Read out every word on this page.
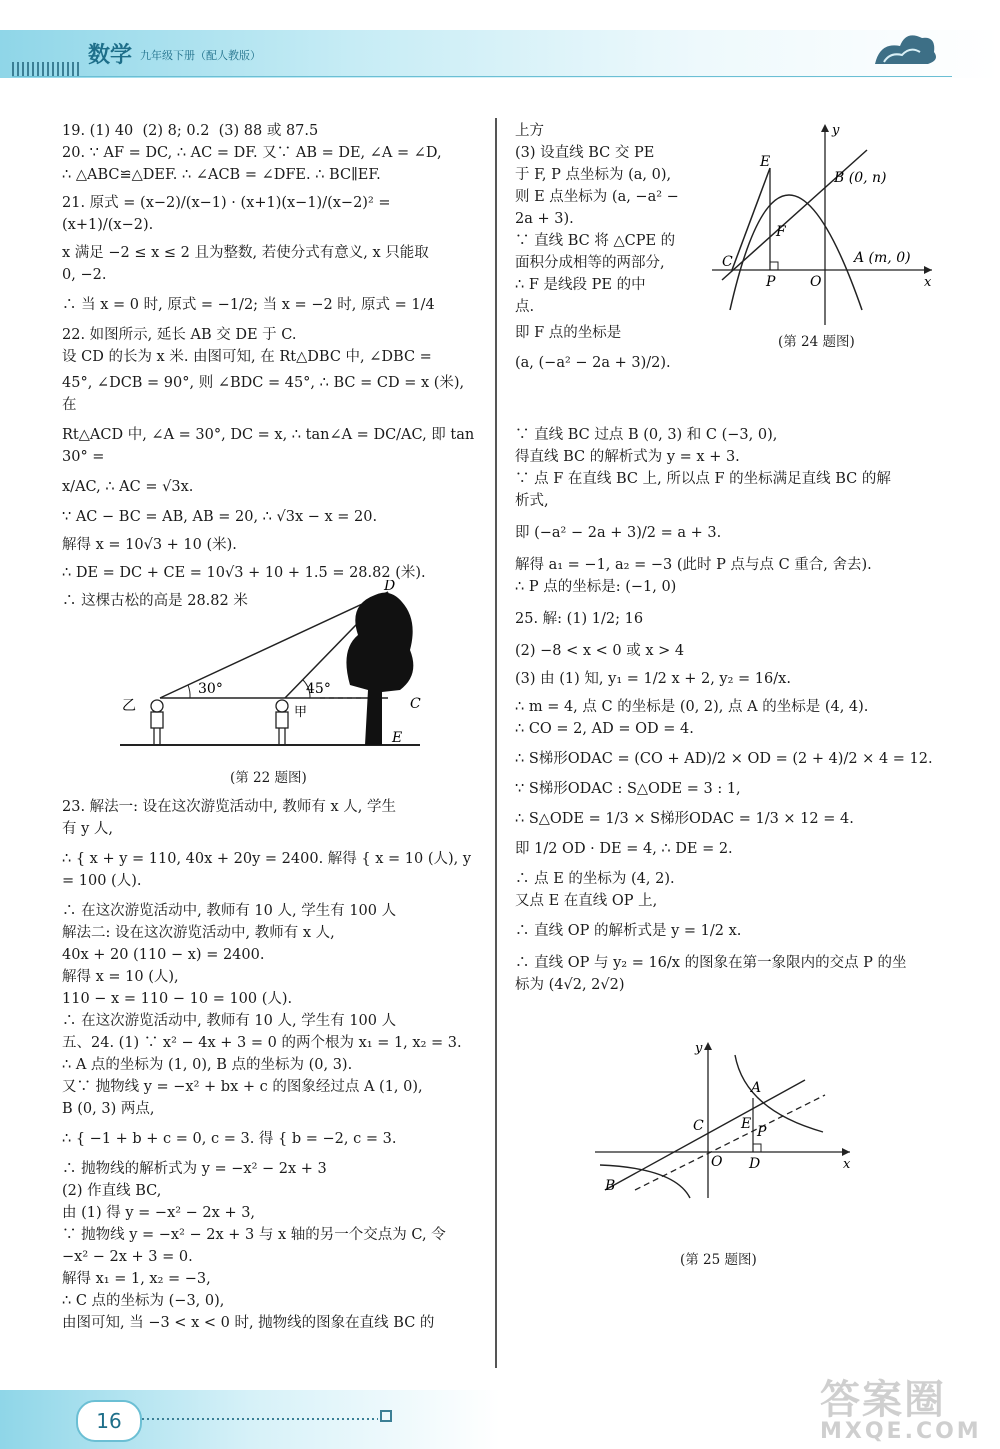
数学 九年级下册（配人教版）

19. (1) 40  (2) 8; 0.2  (3) 88 或 87.5

20. ∵ AF = DC, ∴ AC = DF. 又∵ AB = DE, ∠A = ∠D,

∴ △ABC≌△DEF. ∴ ∠ACB = ∠DFE. ∴ BC∥EF.

21. 原式 = (x−2)/(x−1) · (x+1)(x−1)/(x−2)² = (x+1)/(x−2).

x 满足 −2 ≤ x ≤ 2 且为整数, 若使分式有意义, x 只能取

0, −2.

∴ 当 x = 0 时, 原式 = −1/2; 当 x = −2 时, 原式 = 1/4

22. 如图所示, 延长 AB 交 DE 于 C.

设 CD 的长为 x 米. 由图可知, 在 Rt△DBC 中, ∠DBC =

45°, ∠DCB = 90°, 则 ∠BDC = 45°, ∴ BC = CD = x (米), 在

Rt△ACD 中, ∠A = 30°, DC = x, ∴ tan∠A = DC/AC, 即 tan 30° =

x/AC, ∴ AC = √3x.

∵ AC − BC = AB, AB = 20, ∴ √3x − x = 20.

解得 x = 10√3 + 10 (米).

∴ DE = DC + CE = 10√3 + 10 + 1.5 = 28.82 (米).

∴ 这棵古松的高是 28.82 米

30°	45°
乙	甲
D
C
E
(第 22 题图)

23. 解法一: 设在这次游览活动中, 教师有 x 人, 学生

有 y 人,

∴ { x + y = 110, 40x + 20y = 2400. 解得 { x = 10 (人), y = 100 (人).

∴ 在这次游览活动中, 教师有 10 人, 学生有 100 人

解法二: 设在这次游览活动中, 教师有 x 人,

40x + 20 (110 − x) = 2400.

解得 x = 10 (人),

110 − x = 110 − 10 = 100 (人).

∴ 在这次游览活动中, 教师有 10 人, 学生有 100 人

五、24. (1) ∵ x² − 4x + 3 = 0 的两个根为 x₁ = 1, x₂ = 3.

∴ A 点的坐标为 (1, 0), B 点的坐标为 (0, 3).

又∵ 抛物线 y = −x² + bx + c 的图象经过点 A (1, 0),

B (0, 3) 两点,

∴ { −1 + b + c = 0, c = 3. 得 { b = −2, c = 3.

∴ 抛物线的解析式为 y = −x² − 2x + 3

(2) 作直线 BC,

由 (1) 得 y = −x² − 2x + 3,

∵ 抛物线 y = −x² − 2x + 3 与 x 轴的另一个交点为 C, 令

−x² − 2x + 3 = 0.

解得 x₁ = 1, x₂ = −3,

∴ C 点的坐标为 (−3, 0),

由图可知, 当 −3 < x < 0 时, 抛物线的图象在直线 BC 的

上方

(3) 设直线 BC 交 PE

于 F, P 点坐标为 (a, 0),

则 E 点坐标为 (a, −a² −

2a + 3).

∵ 直线 BC 将 △CPE 的

面积分成相等的两部分,

∴ F 是线段 PE 的中

点.

即 F 点的坐标是

(a, (−a² − 2a + 3)/2).

y
x
E
B (0, n)
F
C
P O
A (m, 0)
(第 24 题图)

∵ 直线 BC 过点 B (0, 3) 和 C (−3, 0),

得直线 BC 的解析式为 y = x + 3.

∵ 点 F 在直线 BC 上, 所以点 F 的坐标满足直线 BC 的解

析式,

即 (−a² − 2a + 3)/2 = a + 3.

解得 a₁ = −1, a₂ = −3 (此时 P 点与点 C 重合, 舍去).

∴ P 点的坐标是: (−1, 0)

25. 解: (1) 1/2; 16

(2) −8 < x < 0 或 x > 4

(3) 由 (1) 知, y₁ = 1/2 x + 2, y₂ = 16/x.

∴ m = 4, 点 C 的坐标是 (0, 2), 点 A 的坐标是 (4, 4).

∴ CO = 2, AD = OD = 4.

∴ S梯形ODAC = (CO + AD)/2 × OD = (2 + 4)/2 × 4 = 12.

∵ S梯形ODAC : S△ODE = 3 : 1,

∴ S△ODE = 1/3 × S梯形ODAC = 1/3 × 12 = 4.

即 1/2 OD · DE = 4, ∴ DE = 2.

∴ 点 E 的坐标为 (4, 2).

又点 E 在直线 OP 上,

∴ 直线 OP 的解析式是 y = 1/2 x.

∴ 直线 OP 与 y₂ = 16/x 的图象在第一象限内的交点 P 的坐

标为 (4√2, 2√2)

y
x
A
C	E P
O D
B
(第 25 题图)
16	答案圈
MXQE.COM
